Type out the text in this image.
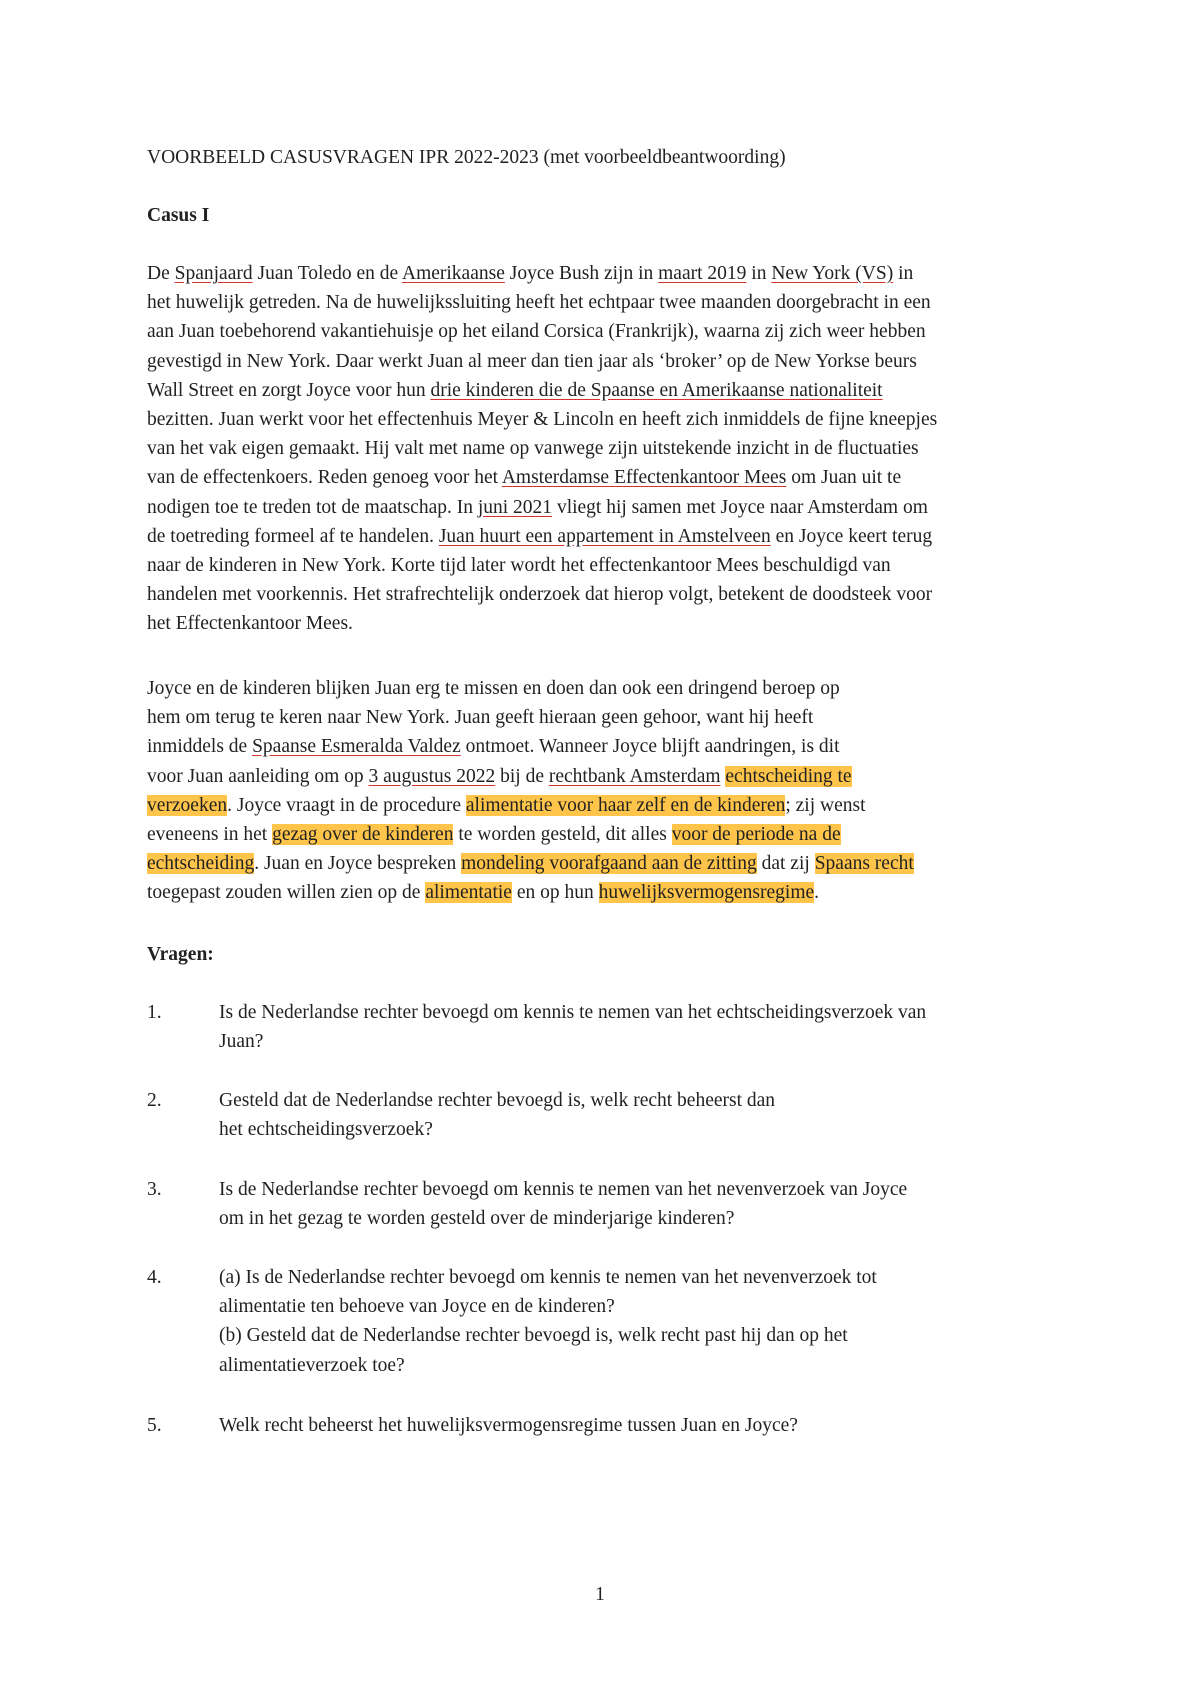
VOORBEELD CASUSVRAGEN IPR 2022-2023 (met voorbeeldbeantwoording)
Casus I
De Spanjaard Juan Toledo en de Amerikaanse Joyce Bush zijn in maart 2019 in New York (VS) in
het huwelijk getreden. Na de huwelijkssluiting heeft het echtpaar twee maanden doorgebracht in een
aan Juan toebehorend vakantiehuisje op het eiland Corsica (Frankrijk), waarna zij zich weer hebben
gevestigd in New York. Daar werkt Juan al meer dan tien jaar als ‘broker’ op de New Yorkse beurs
Wall Street en zorgt Joyce voor hun drie kinderen die de Spaanse en Amerikaanse nationaliteit
bezitten. Juan werkt voor het effectenhuis Meyer & Lincoln en heeft zich inmiddels de fijne kneepjes
van het vak eigen gemaakt. Hij valt met name op vanwege zijn uitstekende inzicht in de fluctuaties
van de effectenkoers. Reden genoeg voor het Amsterdamse Effectenkantoor Mees om Juan uit te
nodigen toe te treden tot de maatschap. In juni 2021 vliegt hij samen met Joyce naar Amsterdam om
de toetreding formeel af te handelen. Juan huurt een appartement in Amstelveen en Joyce keert terug
naar de kinderen in New York. Korte tijd later wordt het effectenkantoor Mees beschuldigd van
handelen met voorkennis. Het strafrechtelijk onderzoek dat hierop volgt, betekent de doodsteek voor
het Effectenkantoor Mees.
Joyce en de kinderen blijken Juan erg te missen en doen dan ook een dringend beroep op
hem om terug te keren naar New York. Juan geeft hieraan geen gehoor, want hij heeft
inmiddels de Spaanse Esmeralda Valdez ontmoet. Wanneer Joyce blijft aandringen, is dit
voor Juan aanleiding om op 3 augustus 2022 bij de rechtbank Amsterdam echtscheiding te
verzoeken. Joyce vraagt in de procedure alimentatie voor haar zelf en de kinderen; zij wenst
eveneens in het gezag over de kinderen te worden gesteld, dit alles voor de periode na de
echtscheiding. Juan en Joyce bespreken mondeling voorafgaand aan de zitting dat zij Spaans recht
toegepast zouden willen zien op de alimentatie en op hun huwelijksvermogensregime.
Vragen:
1.	Is de Nederlandse rechter bevoegd om kennis te nemen van het echtscheidingsverzoek van
Juan?
2.	Gesteld dat de Nederlandse rechter bevoegd is, welk recht beheerst dan
het echtscheidingsverzoek?
3.	Is de Nederlandse rechter bevoegd om kennis te nemen van het nevenverzoek van Joyce
om in het gezag te worden gesteld over de minderjarige kinderen?
4.	(a) Is de Nederlandse rechter bevoegd om kennis te nemen van het nevenverzoek tot
alimentatie ten behoeve van Joyce en de kinderen?
(b) Gesteld dat de Nederlandse rechter bevoegd is, welk recht past hij dan op het
alimentatieverzoek toe?
5.	Welk recht beheerst het huwelijksvermogensregime tussen Juan en Joyce?
1
